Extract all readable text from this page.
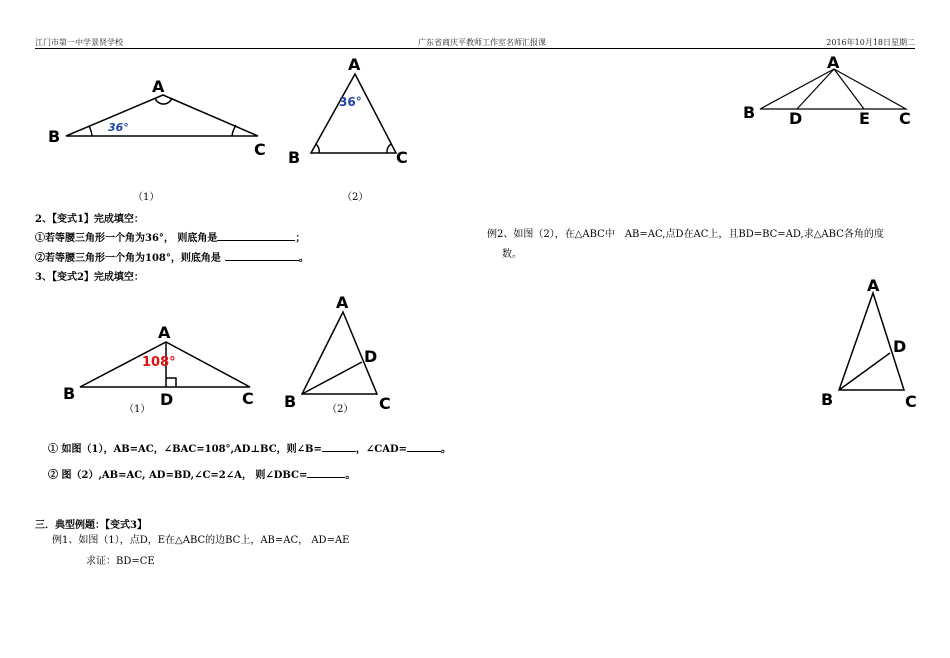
江门市第一中学景贤学校	广东省商庆平教师工作室名师汇报课	2016年10月18日星期二
A
B
C
36°
（1）
A
B	C
36°
（2）
2、【变式1】完成填空：
①若等腰三角形一个角为36°， 则底角是	；
②若等腰三角形一个角为108°，则底角是	。
3、【变式2】完成填空：
A
B	C
D
108°
（1）
A
B	C
D
（2）
① 如图（1），AB=AC，∠BAC=108°,AD⊥BC，则∠B=	，∠CAD=	。
② 图（2）,AB=AC, AD=BD,∠C=2∠A， 则∠DBC=	。
三．典型例题：【变式3】
例1、如图（1），点D，E在△ABC的边BC上，AB=AC， AD=AE
求证：BD=CE
A
B D	E C
例2、如图（2），在△ABC中　AB=AC,点D在AC上，且BD=BC=AD,求△ABC各角的度
数。
A
B	C
D
